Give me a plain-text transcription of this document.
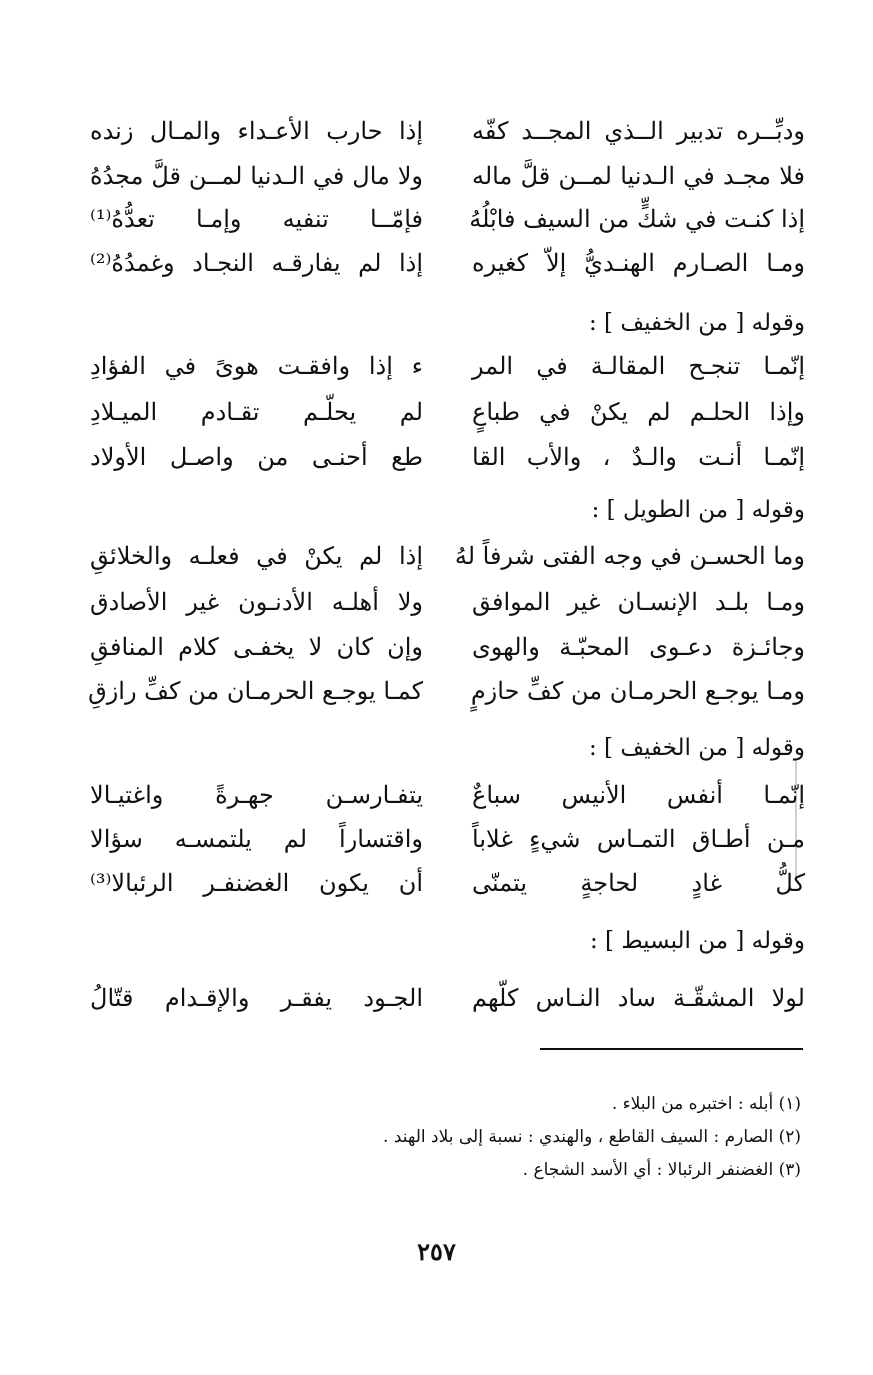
ودبِّــره تدبير الــذي المجــد كفّه
إذا حارب الأعـداء والمـال زنده
فلا مجـد في الـدنيا لمــن قلَّ ماله
ولا مال في الـدنيا لمــن قلَّ مجدُهُ
إذا كنـت في شكٍّ من السيف فابْلُهُ
فإمّــا تنفيه وإمـا تعدُّهُ⁽¹⁾
ومـا الصـارم الهنـديُّ إلاّ كغيره
إذا لم يفارقـه النجـاد وغمدُهُ⁽²⁾
وقوله [ من الخفيف ] :
إنّمـا تنجـح المقالـة في المر
ء إذا وافقـت هوىً في الفؤادِ
وإذا الحلـم لم يكنْ في طباعٍ
لم يحلّـم تقـادم الميـلادِ
إنّمـا أنـت والـدٌ ، والأب القا
طع أحنـى من واصـل الأولاد
وقوله [ من الطويل ] :
وما الحسـن في وجه الفتى شرفاً لهُ
إذا لم يكنْ في فعلـه والخلائقِ
ومـا بلـد الإنسـان غير الموافق
ولا أهلـه الأدنـون غير الأصادق
وجائـزة دعـوى المحبّـة والهوى
وإن كان لا يخفـى كلام المنافقِ
ومـا يوجـع الحرمـان من كفِّ حازمٍ
كمـا يوجـع الحرمـان من كفِّ رازقِ
وقوله [ من الخفيف ] :
إنّمـا أنفس الأنيس سباعٌ
يتفـارسـن جهـرةً واغتيـالا
مـن أطـاق التمـاس شيءٍ غلاباً
واقتساراً لم يلتمسـه سؤالا
كلُّ غادٍ لحاجةٍ يتمنّى
أن يكون الغضنفـر الرئبالا⁽³⁾
وقوله [ من البسيط ] :
لولا المشقّـة ساد النـاس كلّهم
الجـود يفقـر والإقـدام قتّالُ
(١) أبله : اختبره من البلاء .
(٢) الصارم : السيف القاطع ، والهندي : نسبة إلى بلاد الهند .
(٣) الغضنفر الرئبالا : أي الأسد الشجاع .
٢٥٧
